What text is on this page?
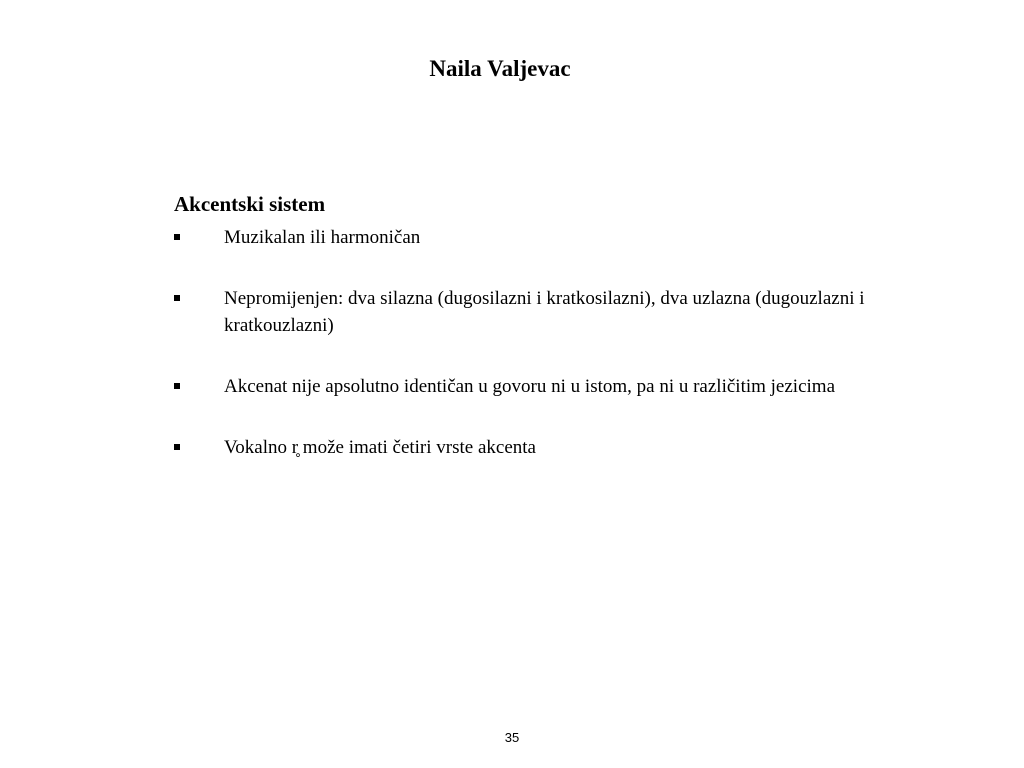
Naila Valjevac
Akcentski sistem
Muzikalan ili harmoničan
Nepromijenjen: dva silazna (dugosilazni i kratkosilazni), dva uzlazna (dugouzlazni i kratkouzlazni)
Akcenat nije apsolutno identičan u govoru ni u istom, pa ni u različitim jezicima
Vokalno r̥ može imati četiri vrste akcenta
35
